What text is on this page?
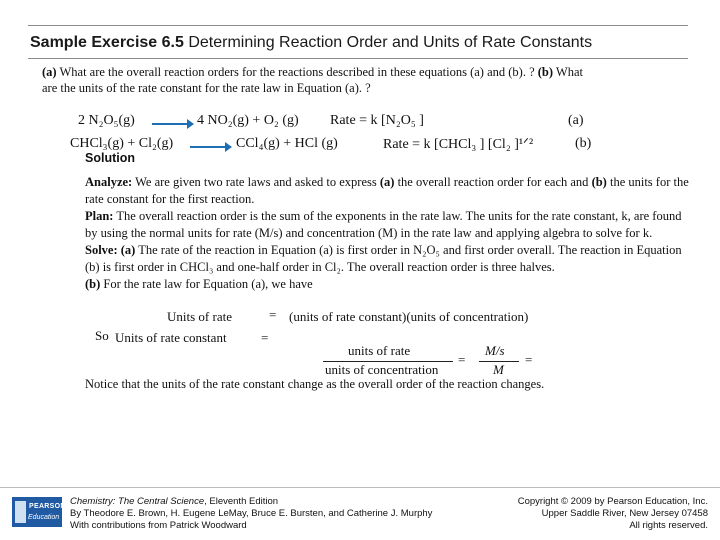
Sample Exercise 6.5 Determining Reaction Order and Units of Rate Constants
(a) What are the overall reaction orders for the reactions described in these equations (a) and (b). ? (b) What
are the units of the rate constant for the rate law in Equation (a). ?
2 N₂O₅(g)	4 NO₂(g) + O₂ (g) Rate = k [N₂O₅ ]	(a)
CHCl₃(g) + Cl₂(g)	CCl₄(g) + HCl (g)	Rate = k [CHCl₃ ] [Cl₂ ]¹ᐟ²	(b)
Solution

Analyze: We are given two rate laws and asked to express (a) the overall reaction order for each and (b) the units for the rate constant for the first reaction.

Plan: The overall reaction order is the sum of the exponents in the rate law. The units for the rate constant, k, are found by using the normal units for rate (M/s) and concentration (M) in the rate law and applying algebra to solve for k.

Solve: (a) The rate of the reaction in Equation (a) is first order in N₂O₅ and first order overall. The reaction in Equation (b) is first order in CHCl₃ and one-half order in Cl₂. The overall reaction order is three halves.

(b) For the rate law for Equation (a), we have

Units of rate	= (units of rate constant)(units of concentration)
So Units of rate constant	=
units of rate
units of concentration
=
M/s
M
=
Notice that the units of the rate constant change as the overall order of the reaction changes.
PEARSON
Education
Chemistry: The Central Science, Eleventh Edition
By Theodore E. Brown, H. Eugene LeMay, Bruce E. Bursten, and Catherine J. Murphy
With contributions from Patrick Woodward
Copyright © 2009 by Pearson Education, Inc.
Upper Saddle River, New Jersey 07458
All rights reserved.
